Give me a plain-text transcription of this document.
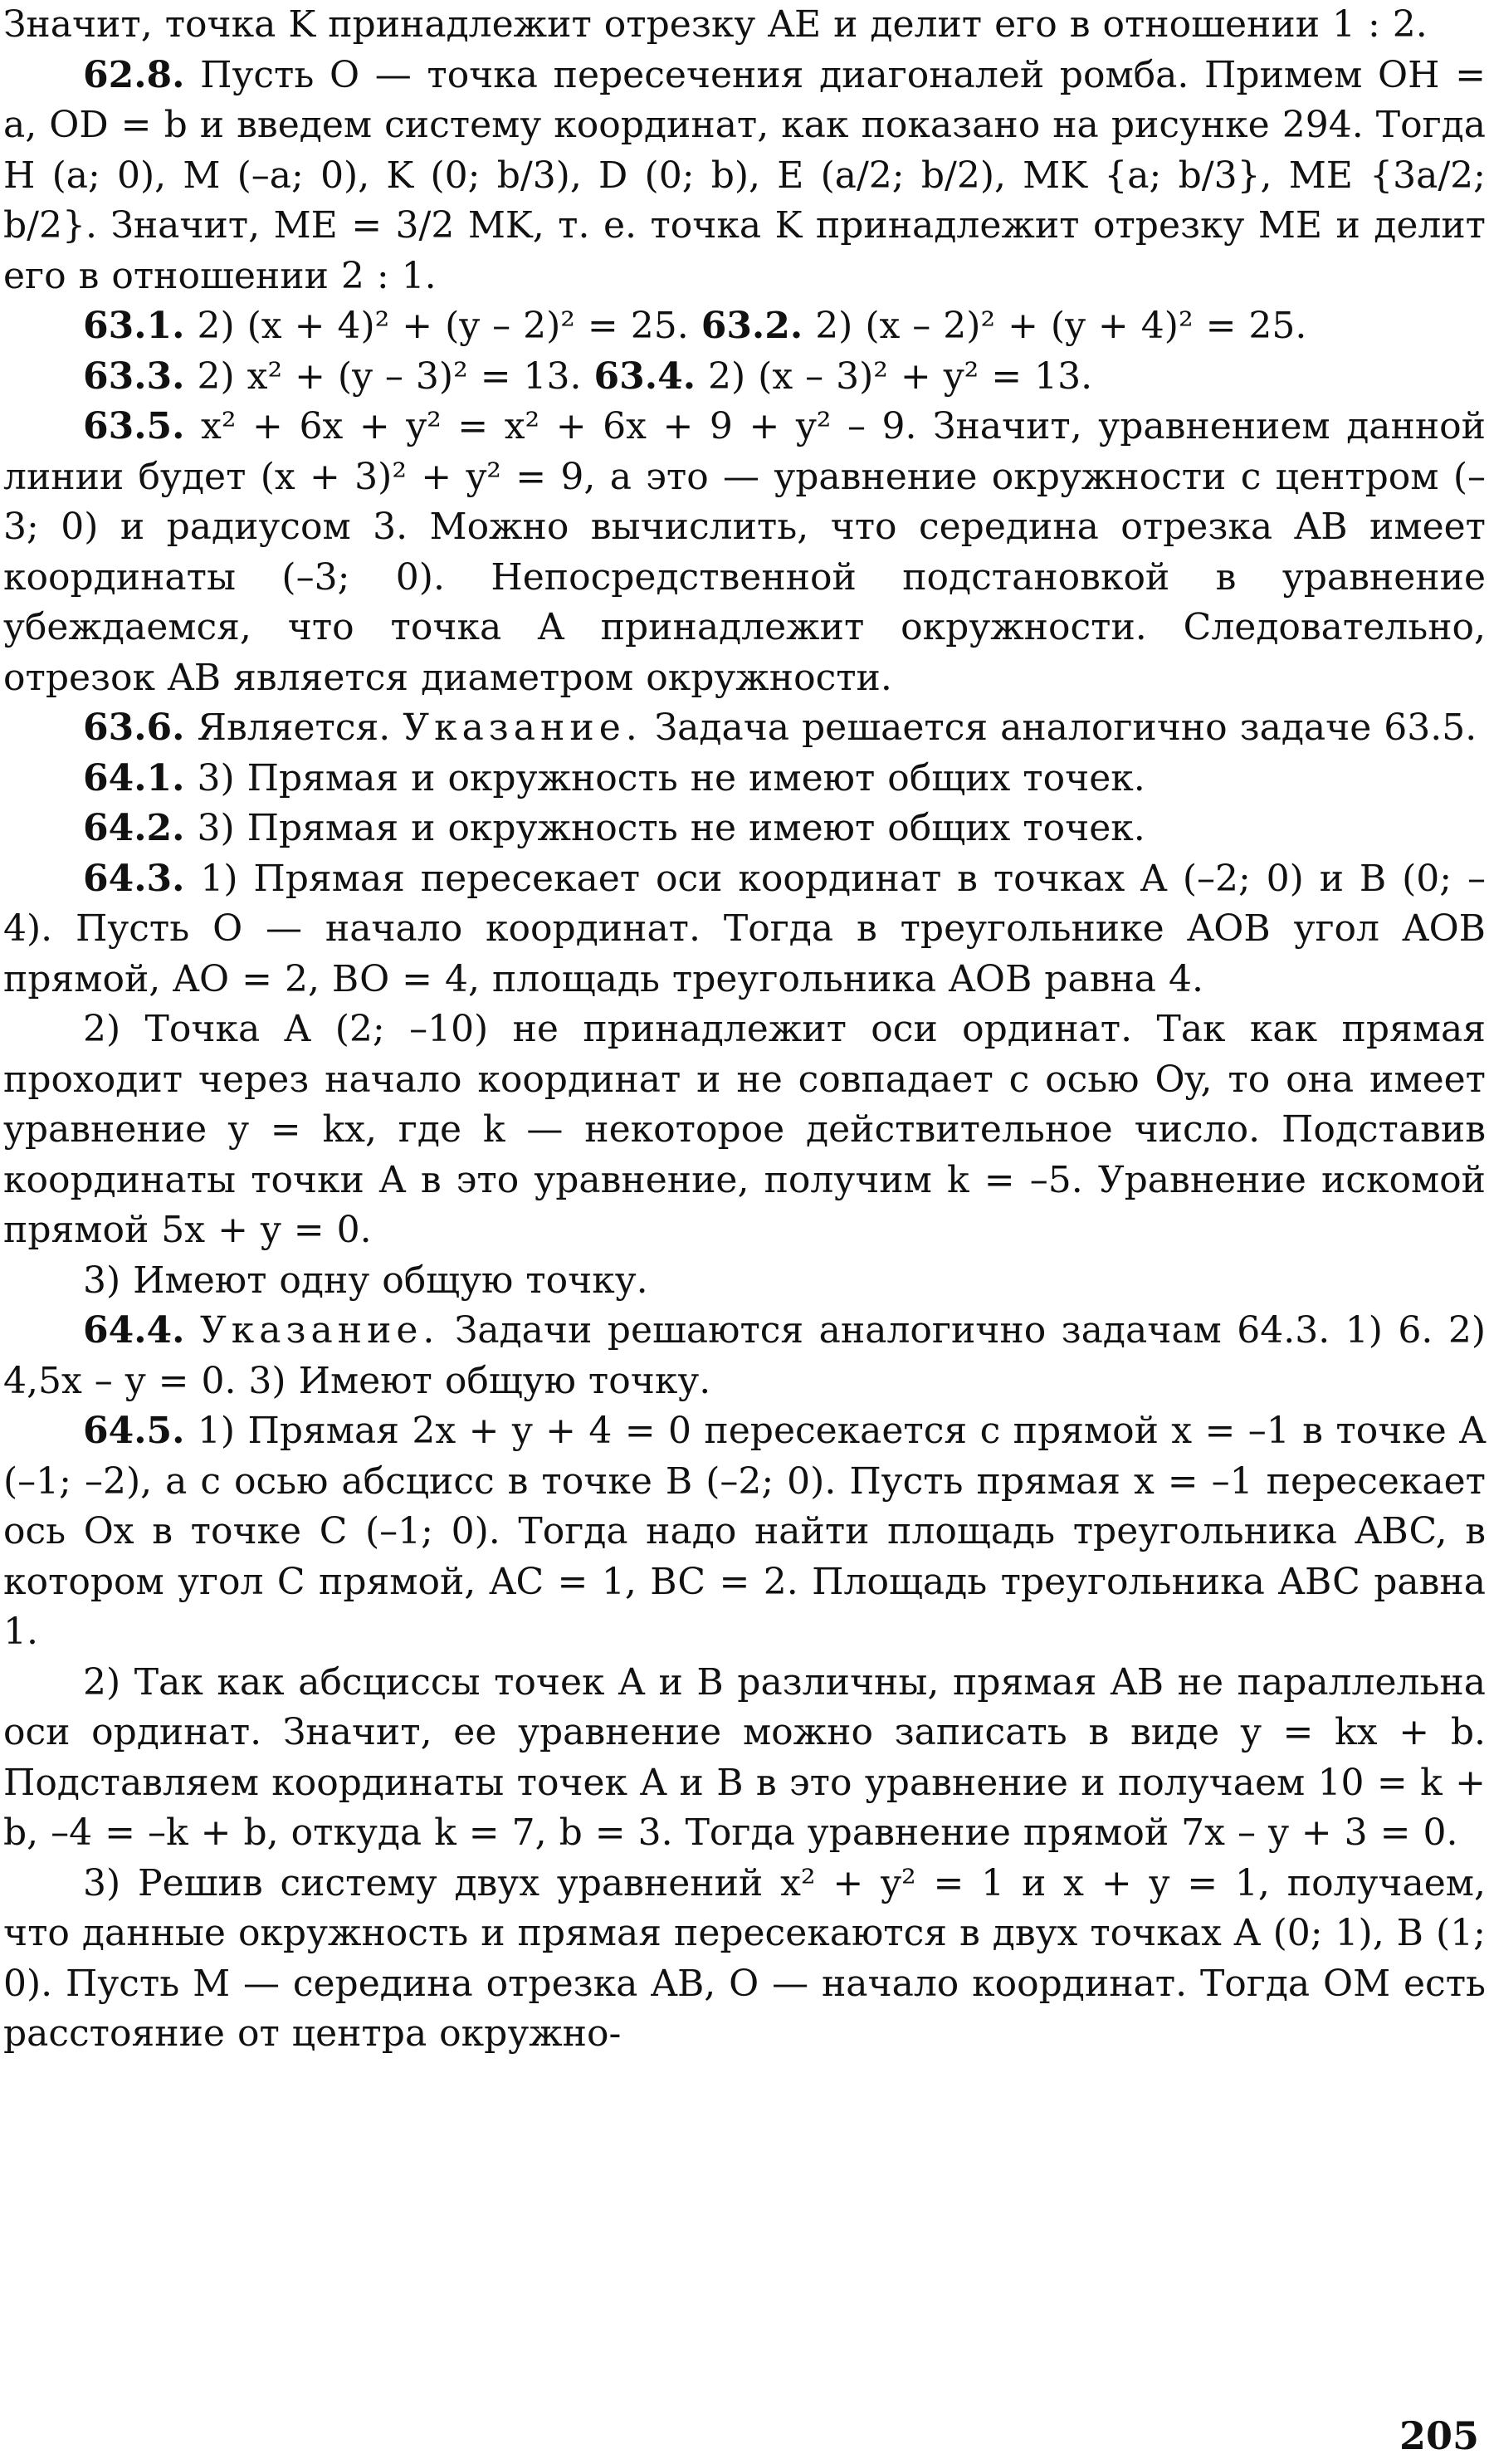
Значит, точка K принадлежит отрезку AE и делит его в отношении 1 : 2.

62.8. Пусть O — точка пересечения диагоналей ромба. Примем OH = a, OD = b и введем систему координат, как показано на рисунке 294. Тогда H (a; 0), M (–a; 0), K (0; b/3), D (0; b), E (a/2; b/2), MK {a; b/3}, ME {3a/2; b/2}. Значит, ME = 3/2 MK, т. е. точка K принадлежит отрезку ME и делит его в отношении 2 : 1.

63.1. 2) (x + 4)² + (y – 2)² = 25. 63.2. 2) (x – 2)² + (y + 4)² = 25.

63.3. 2) x² + (y – 3)² = 13. 63.4. 2) (x – 3)² + y² = 13.

63.5. x² + 6x + y² = x² + 6x + 9 + y² – 9. Значит, уравнением данной линии будет (x + 3)² + y² = 9, а это — уравнение окружности с центром (–3; 0) и радиусом 3. Можно вычислить, что середина отрезка AB имеет координаты (–3; 0). Непосредственной подстановкой в уравнение убеждаемся, что точка A принадлежит окружности. Следовательно, отрезок AB является диаметром окружности.

63.6. Является. Указание. Задача решается аналогично задаче 63.5.

64.1. 3) Прямая и окружность не имеют общих точек.

64.2. 3) Прямая и окружность не имеют общих точек.

64.3. 1) Прямая пересекает оси координат в точках A (–2; 0) и B (0; –4). Пусть O — начало координат. Тогда в треугольнике AOB угол AOB прямой, AO = 2, BO = 4, площадь треугольника AOB равна 4.

2) Точка A (2; –10) не принадлежит оси ординат. Так как прямая проходит через начало координат и не совпадает с осью Oy, то она имеет уравнение y = kx, где k — некоторое действительное число. Подставив координаты точки A в это уравнение, получим k = –5. Уравнение искомой прямой 5x + y = 0.

3) Имеют одну общую точку.

64.4. Указание. Задачи решаются аналогично задачам 64.3. 1) 6. 2) 4,5x – y = 0. 3) Имеют общую точку.

64.5. 1) Прямая 2x + y + 4 = 0 пересекается с прямой x = –1 в точке A (–1; –2), а с осью абсцисс в точке B (–2; 0). Пусть прямая x = –1 пересекает ось Ox в точке C (–1; 0). Тогда надо найти площадь треугольника ABC, в котором угол C прямой, AC = 1, BC = 2. Площадь треугольника ABC равна 1.

2) Так как абсциссы точек A и B различны, прямая AB не параллельна оси ординат. Значит, ее уравнение можно записать в виде y = kx + b. Подставляем координаты точек A и B в это уравнение и получаем 10 = k + b, –4 = –k + b, откуда k = 7, b = 3. Тогда уравнение прямой 7x – y + 3 = 0.

3) Решив систему двух уравнений x² + y² = 1 и x + y = 1, получаем, что данные окружность и прямая пересекаются в двух точках A (0; 1), B (1; 0). Пусть M — середина отрезка AB, O — начало координат. Тогда OM есть расстояние от центра окружно-

205
